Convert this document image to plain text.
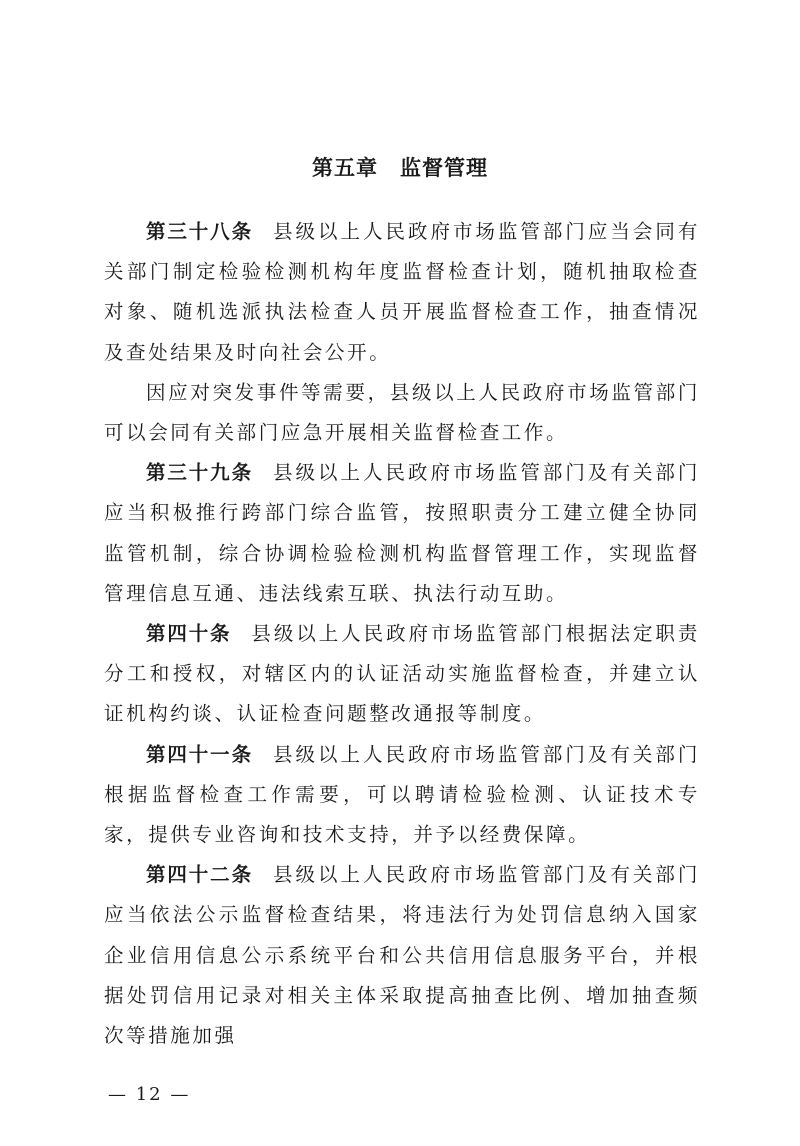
第五章 监督管理

第三十八条 县级以上人民政府市场监管部门应当会同有关部门制定检验检测机构年度监督检查计划，随机抽取检查对象、随机选派执法检查人员开展监督检查工作，抽查情况及查处结果及时向社会公开。

因应对突发事件等需要，县级以上人民政府市场监管部门可以会同有关部门应急开展相关监督检查工作。

第三十九条 县级以上人民政府市场监管部门及有关部门应当积极推行跨部门综合监管，按照职责分工建立健全协同监管机制，综合协调检验检测机构监督管理工作，实现监督管理信息互通、违法线索互联、执法行动互助。

第四十条 县级以上人民政府市场监管部门根据法定职责分工和授权，对辖区内的认证活动实施监督检查，并建立认证机构约谈、认证检查问题整改通报等制度。

第四十一条 县级以上人民政府市场监管部门及有关部门根据监督检查工作需要，可以聘请检验检测、认证技术专家，提供专业咨询和技术支持，并予以经费保障。

第四十二条 县级以上人民政府市场监管部门及有关部门应当依法公示监督检查结果，将违法行为处罚信息纳入国家企业信用信息公示系统平台和公共信用信息服务平台，并根据处罚信用记录对相关主体采取提高抽查比例、增加抽查频次等措施加强

— 12 —
